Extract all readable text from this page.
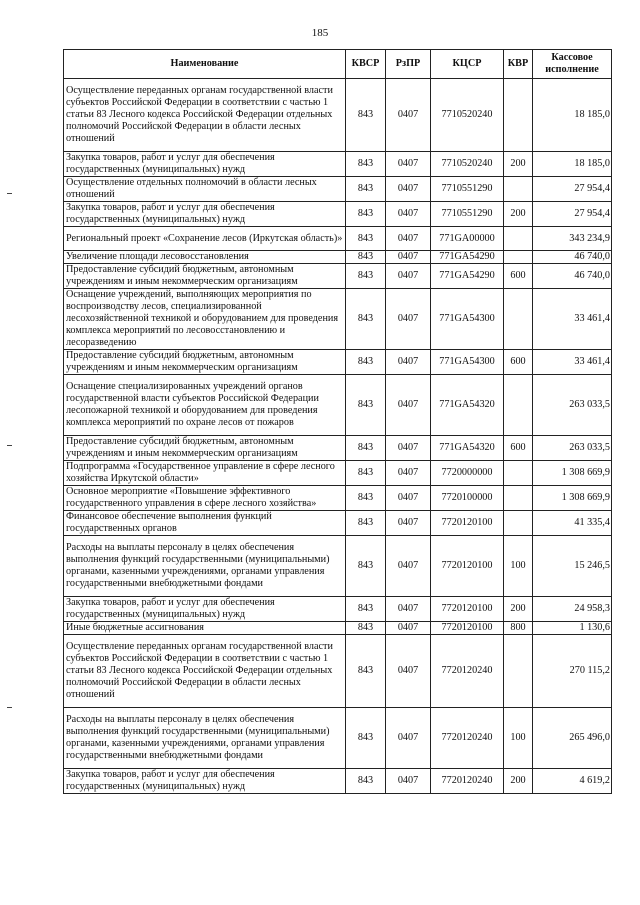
185
Наименование	КВСР	РзПР	КЦСР	КВР	Кассовое исполнение
Осуществление переданных органам государственной власти субъектов Российской Федерации в соответствии с частью 1 статьи 83 Лесного кодекса Российской Федерации отдельных полномочий Российской Федерации в области лесных отношений	843	0407	7710520240		18 185,0
Закупка товаров, работ и услуг для обеспечения государственных (муниципальных) нужд	843	0407	7710520240	200	18 185,0
Осуществление отдельных полномочий в области лесных отношений	843	0407	7710551290		27 954,4
Закупка товаров, работ и услуг для обеспечения государственных (муниципальных) нужд	843	0407	7710551290	200	27 954,4
Региональный проект «Сохранение лесов (Иркутская область)»	843	0407	771GA00000		343 234,9
Увеличение площади лесовосстановления	843	0407	771GA54290		46 740,0
Предоставление субсидий бюджетным, автономным учреждениям и иным некоммерческим организациям	843	0407	771GA54290	600	46 740,0
Оснащение учреждений, выполняющих мероприятия по воспроизводству лесов, специализированной лесохозяйственной техникой и оборудованием для проведения комплекса мероприятий по лесовосстановлению и лесоразведению	843	0407	771GA54300		33 461,4
Предоставление субсидий бюджетным, автономным учреждениям и иным некоммерческим организациям	843	0407	771GA54300	600	33 461,4
Оснащение специализированных учреждений органов государственной власти субъектов Российской Федерации лесопожарной техникой и оборудованием для проведения комплекса мероприятий по охране лесов от пожаров	843	0407	771GA54320		263 033,5
Предоставление субсидий бюджетным, автономным учреждениям и иным некоммерческим организациям	843	0407	771GA54320	600	263 033,5
Подпрограмма «Государственное управление в сфере лесного хозяйства Иркутской области»	843	0407	7720000000		1 308 669,9
Основное мероприятие «Повышение эффективного государственного управления в сфере лесного хозяйства»	843	0407	7720100000		1 308 669,9
Финансовое обеспечение выполнения функций государственных органов	843	0407	7720120100		41 335,4
Расходы на выплаты персоналу в целях обеспечения выполнения функций государственными (муниципальными) органами, казенными учреждениями, органами управления государственными внебюджетными фондами	843	0407	7720120100	100	15 246,5
Закупка товаров, работ и услуг для обеспечения государственных (муниципальных) нужд	843	0407	7720120100	200	24 958,3
Иные бюджетные ассигнования	843	0407	7720120100	800	1 130,6
Осуществление переданных органам государственной власти субъектов Российской Федерации в соответствии с частью 1 статьи 83 Лесного кодекса Российской Федерации отдельных полномочий Российской Федерации в области лесных отношений	843	0407	7720120240		270 115,2
Расходы на выплаты персоналу в целях обеспечения выполнения функций государственными (муниципальными) органами, казенными учреждениями, органами управления государственными внебюджетными фондами	843	0407	7720120240	100	265 496,0
Закупка товаров, работ и услуг для обеспечения государственных (муниципальных) нужд	843	0407	7720120240	200	4 619,2
